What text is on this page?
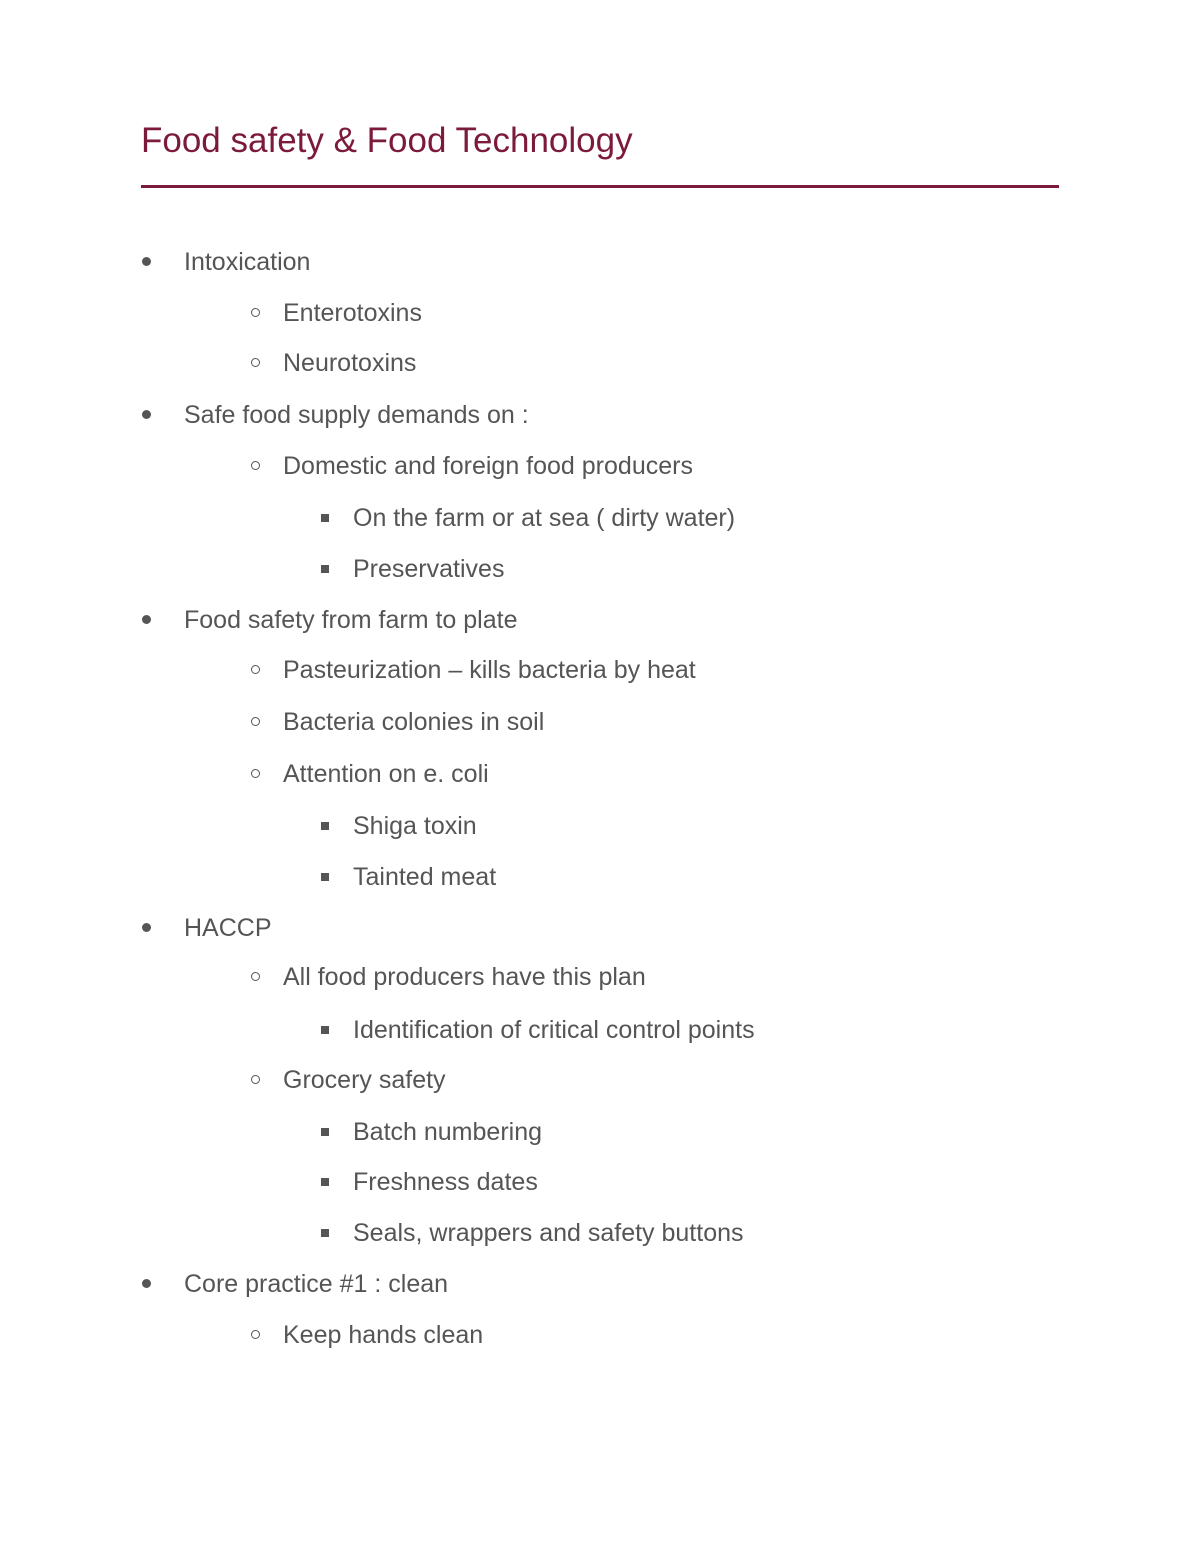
Food safety & Food Technology
Intoxication
Enterotoxins
Neurotoxins
Safe food supply demands on :
Domestic and foreign food producers
On the farm or at sea ( dirty water)
Preservatives
Food safety from farm to plate
Pasteurization – kills bacteria by heat
Bacteria colonies in soil
Attention on e. coli
Shiga toxin
Tainted meat
HACCP
All food producers have this plan
Identification of critical control points
Grocery safety
Batch numbering
Freshness dates
Seals, wrappers and safety buttons
Core practice #1 : clean
Keep hands clean
